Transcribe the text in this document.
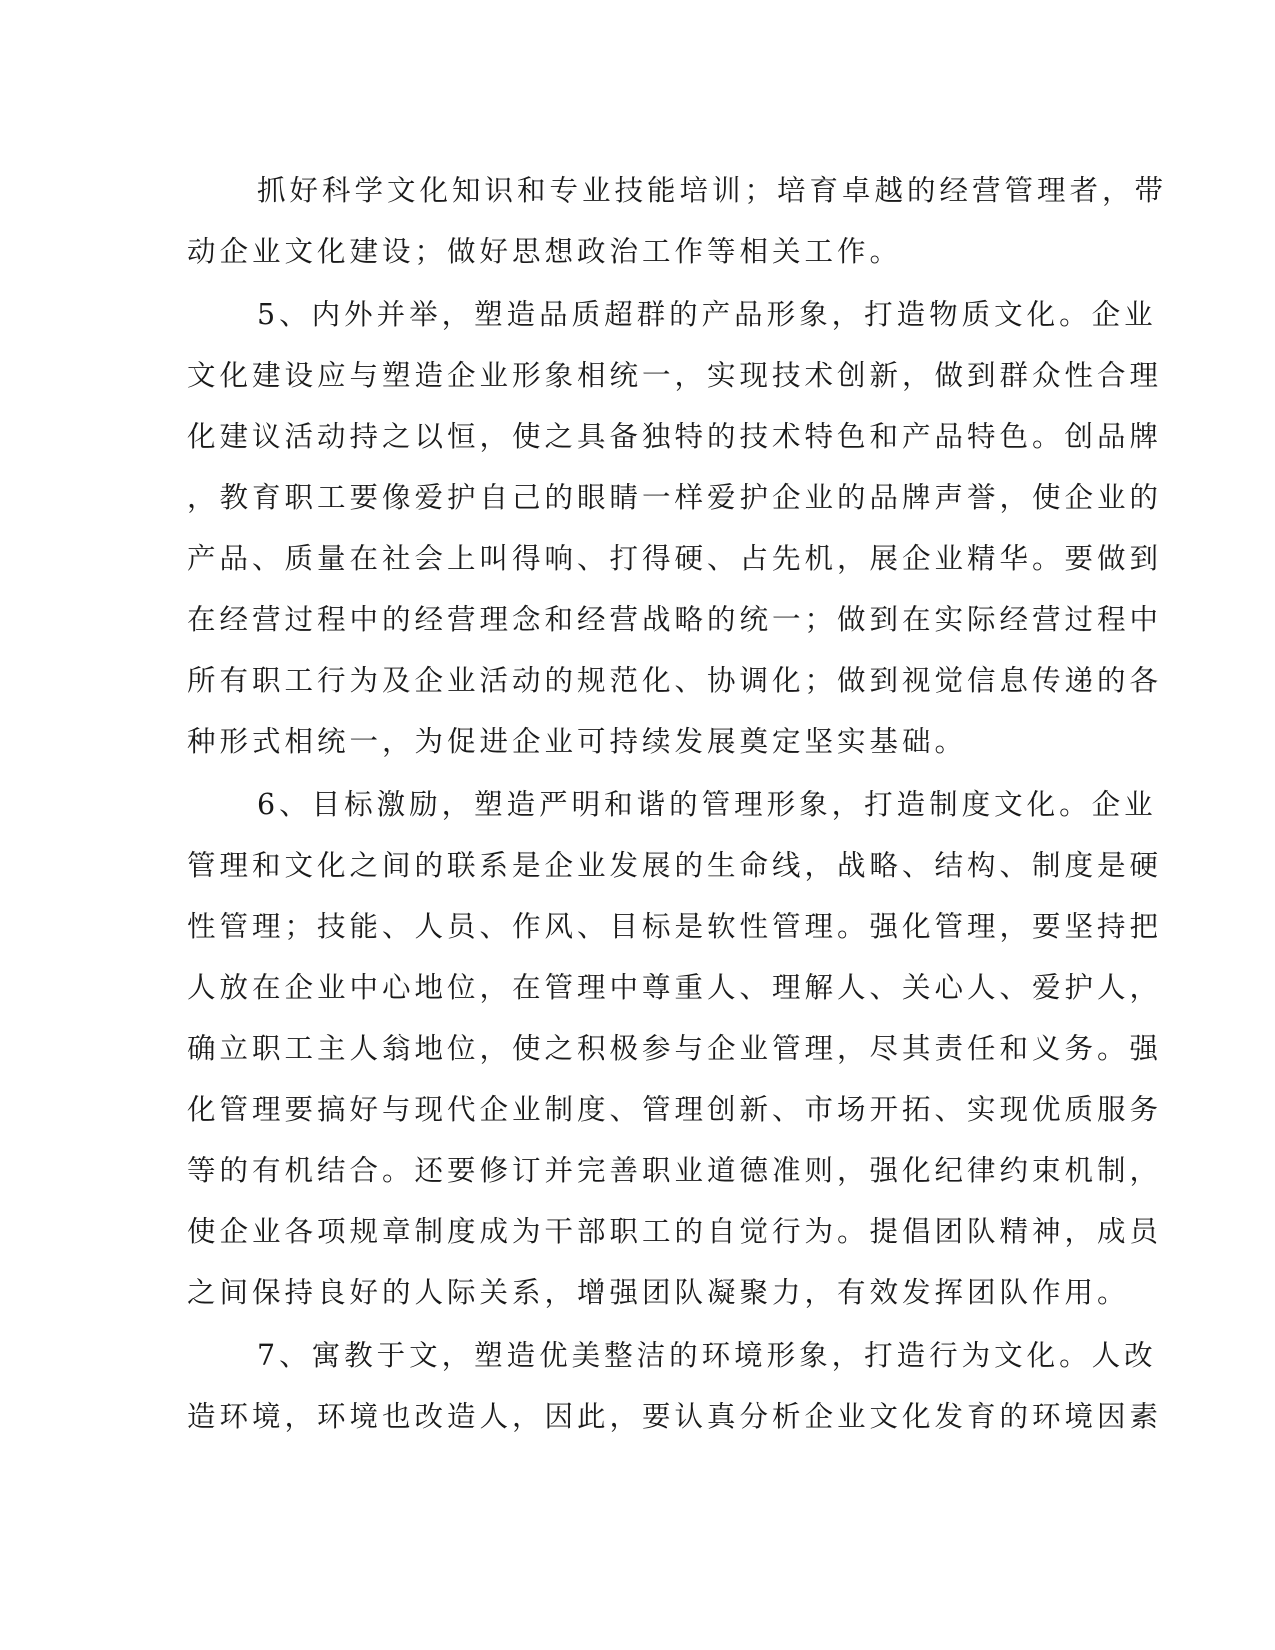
抓好科学文化知识和专业技能培训；培育卓越的经营管理者，带
动企业文化建设；做好思想政治工作等相关工作。

5、内外并举，塑造品质超群的产品形象，打造物质文化。企业
文化建设应与塑造企业形象相统一，实现技术创新，做到群众性合理
化建议活动持之以恒，使之具备独特的技术特色和产品特色。创品牌
，教育职工要像爱护自己的眼睛一样爱护企业的品牌声誉，使企业的
产品、质量在社会上叫得响、打得硬、占先机，展企业精华。要做到
在经营过程中的经营理念和经营战略的统一；做到在实际经营过程中
所有职工行为及企业活动的规范化、协调化；做到视觉信息传递的各
种形式相统一，为促进企业可持续发展奠定坚实基础。

6、目标激励，塑造严明和谐的管理形象，打造制度文化。企业
管理和文化之间的联系是企业发展的生命线，战略、结构、制度是硬
性管理；技能、人员、作风、目标是软性管理。强化管理，要坚持把
人放在企业中心地位，在管理中尊重人、理解人、关心人、爱护人，
确立职工主人翁地位，使之积极参与企业管理，尽其责任和义务。强
化管理要搞好与现代企业制度、管理创新、市场开拓、实现优质服务
等的有机结合。还要修订并完善职业道德准则，强化纪律约束机制，
使企业各项规章制度成为干部职工的自觉行为。提倡团队精神，成员
之间保持良好的人际关系，增强团队凝聚力，有效发挥团队作用。

7、寓教于文，塑造优美整洁的环境形象，打造行为文化。人改
造环境，环境也改造人，因此，要认真分析企业文化发育的环境因素
